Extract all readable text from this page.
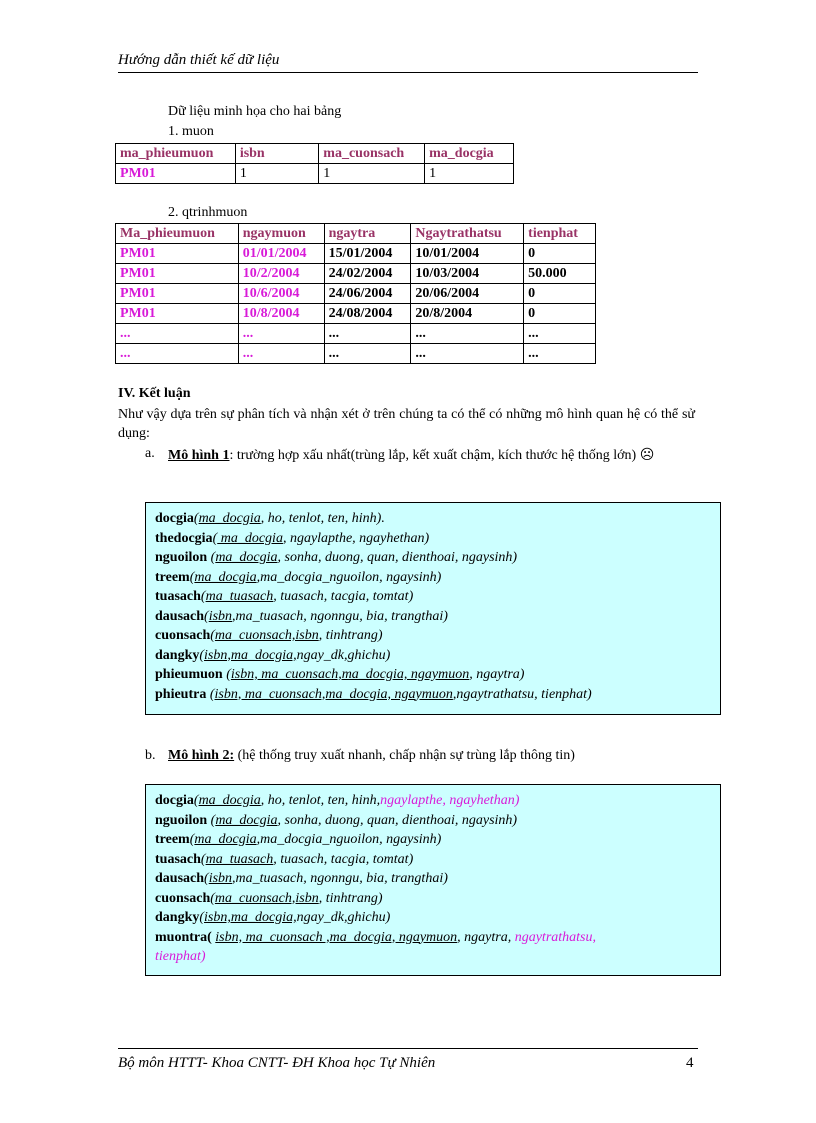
Hướng dẫn thiết kế dữ liệu
Dữ liệu minh họa cho hai bảng
1. muon
ma_phieumuon	isbn	ma_cuonsach	ma_docgia
PM01	1	1	1
2. qtrinhmuon
Ma_phieumuon	ngaymuon	ngaytra	Ngaytrathatsu	tienphat
PM01	01/01/2004	15/01/2004	10/01/2004	0
PM01	10/2/2004	24/02/2004	10/03/2004	50.000
PM01	10/6/2004	24/06/2004	20/06/2004	0
PM01	10/8/2004	24/08/2004	20/8/2004	0
...	...	...	...	...
...	...	...	...	...
IV. Kết luận
Như vậy dựa trên sự phân tích và nhận xét ở trên chúng ta có thể có những mô hình quan hệ có thể sử dụng:
a. Mô hình 1: trường hợp xấu nhất(trùng lắp, kết xuất chậm, kích thước hệ thống lớn) ☹
docgia(ma_docgia, ho, tenlot, ten, hinh).
thedocgia( ma_docgia, ngaylapthe, ngayhethan)
nguoilon (ma_docgia, sonha, duong, quan, dienthoai, ngaysinh)
treem(ma_docgia,ma_docgia_nguoilon, ngaysinh)
tuasach(ma_tuasach, tuasach, tacgia, tomtat)
dausach(isbn,ma_tuasach, ngonngu, bia, trangthai)
cuonsach(ma_cuonsach,isbn, tinhtrang)
dangky(isbn,ma_docgia,ngay_dk,ghichu)
phieumuon (isbn, ma_cuonsach,ma_docgia, ngaymuon, ngaytra)
phieutra (isbn, ma_cuonsach,ma_docgia, ngaymuon,ngaytrathatsu, tienphat)
b. Mô hình 2: (hệ thống truy xuất nhanh, chấp nhận sự trùng lắp thông tin)
docgia(ma_docgia, ho, tenlot, ten, hinh,ngaylapthe, ngayhethan)
nguoilon (ma_docgia, sonha, duong, quan, dienthoai, ngaysinh)
treem(ma_docgia,ma_docgia_nguoilon, ngaysinh)
tuasach(ma_tuasach, tuasach, tacgia, tomtat)
dausach(isbn,ma_tuasach, ngonngu, bia, trangthai)
cuonsach(ma_cuonsach,isbn, tinhtrang)
dangky(isbn,ma_docgia,ngay_dk,ghichu)
muontra( isbn, ma_cuonsach ,ma_docgia, ngaymuon, ngaytra, ngaytrathatsu,
tienphat)
Bộ môn HTTT- Khoa CNTT- ĐH Khoa học Tự Nhiên	4
